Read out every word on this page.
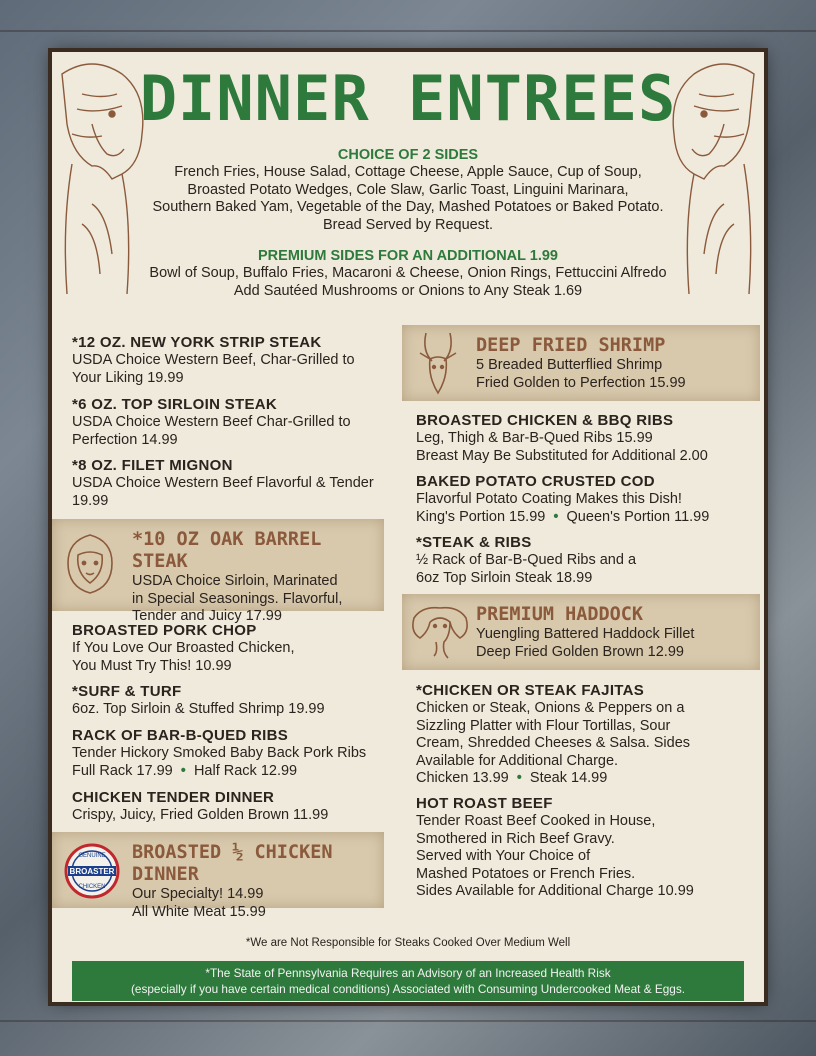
DINNER ENTREES
CHOICE OF 2 SIDES
French Fries, House Salad, Cottage Cheese, Apple Sauce, Cup of Soup,
Broasted Potato Wedges, Cole Slaw, Garlic Toast, Linguini Marinara,
Southern Baked Yam, Vegetable of the Day, Mashed Potatoes or Baked Potato.
Bread Served by Request.
PREMIUM SIDES FOR AN ADDITIONAL 1.99
Bowl of Soup, Buffalo Fries, Macaroni & Cheese, Onion Rings, Fettuccini Alfredo
Add Sautéed Mushrooms or Onions to Any Steak 1.69
*12 OZ. NEW YORK STRIP STEAK
USDA Choice Western Beef, Char-Grilled to
Your Liking 19.99
*6 OZ. TOP SIRLOIN STEAK
USDA Choice Western Beef Char-Grilled to
Perfection 14.99
*8 OZ. FILET MIGNON
USDA Choice Western Beef Flavorful & Tender
19.99
*10 OZ OAK BARREL STEAK
USDA Choice Sirloin, Marinated
in Special Seasonings. Flavorful,
Tender and Juicy 17.99
BROASTED PORK CHOP
If You Love Our Broasted Chicken,
You Must Try This! 10.99
*SURF & TURF
6oz. Top Sirloin & Stuffed Shrimp 19.99
RACK OF BAR-B-QUED RIBS
Tender Hickory Smoked Baby Back Pork Ribs
Full Rack 17.99  •  Half Rack 12.99
CHICKEN TENDER DINNER
Crispy, Juicy, Fried Golden Brown 11.99
GENUINE
BROASTER
CHICKEN
BROASTED ½ CHICKEN DINNER
Our Specialty! 14.99
All White Meat 15.99
DEEP FRIED SHRIMP
5 Breaded Butterflied Shrimp
Fried Golden to Perfection 15.99
BROASTED CHICKEN & BBQ RIBS
Leg, Thigh & Bar-B-Qued Ribs 15.99
Breast May Be Substituted for Additional 2.00
BAKED POTATO CRUSTED COD
Flavorful Potato Coating Makes this Dish!
King's Portion 15.99  •  Queen's Portion 11.99
*STEAK & RIBS
½ Rack of Bar-B-Qued Ribs and a
6oz Top Sirloin Steak 18.99
PREMIUM HADDOCK
Yuengling Battered Haddock Fillet
Deep Fried Golden Brown 12.99
*CHICKEN OR STEAK FAJITAS
Chicken or Steak, Onions & Peppers on a
Sizzling Platter with Flour Tortillas, Sour
Cream, Shredded Cheeses & Salsa. Sides
Available for Additional Charge.
Chicken 13.99  •  Steak 14.99
HOT ROAST BEEF
Tender Roast Beef Cooked in House,
Smothered in Rich Beef Gravy.
Served with Your Choice of
Mashed Potatoes or French Fries.
Sides Available for Additional Charge 10.99
*We are Not Responsible for Steaks Cooked Over Medium Well
*The State of Pennsylvania Requires an Advisory of an Increased Health Risk
(especially if you have certain medical conditions) Associated with Consuming Undercooked Meat & Eggs.
